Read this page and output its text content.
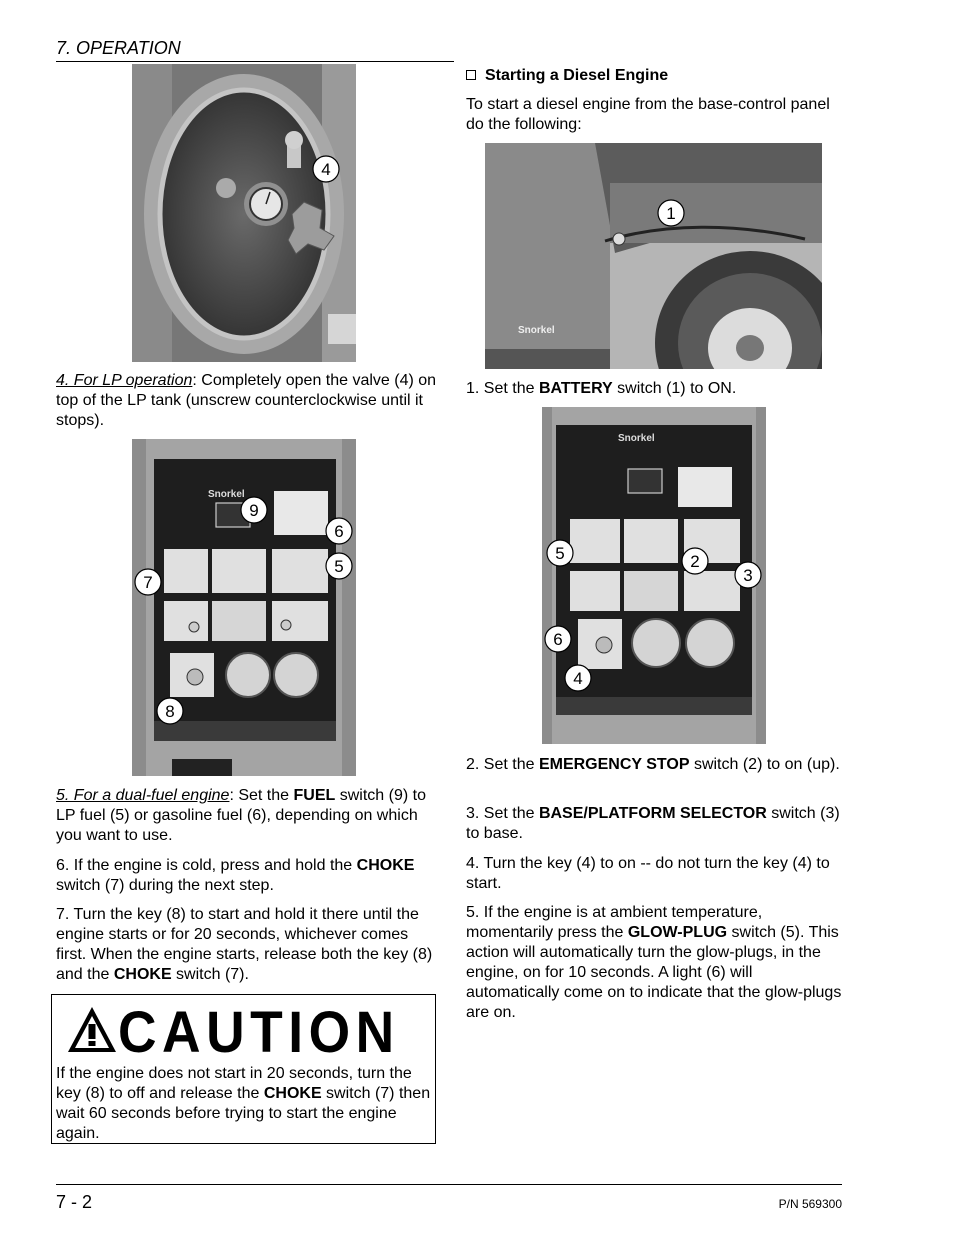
7. OPERATION
4

4. For LP operation: Completely open the valve (4) on top of the LP tank (unscrew counterclockwise until it stops).

Snorkel
9
6
5
7
8

5. For a dual-fuel engine: Set the FUEL switch (9) to LP fuel (5) or gasoline fuel (6), depending on which you want to use.

6. If the engine is cold, press and hold the CHOKE switch (7) during the next step.

7. Turn the key (8) to start and hold it there until the engine starts or for 20 seconds, whichever comes first. When the engine starts, release both the key (8) and the CHOKE switch (7).

CAUTION

If the engine does not start in 20 seconds, turn the key (8) to off and release the CHOKE switch (7) then wait 60 seconds before trying to start the engine again.

Starting a Diesel Engine

To start a diesel engine from the base-control panel do the following:

Snorkel
1

1. Set the BATTERY switch (1) to ON.

Snorkel
5	2
3
6
4

2. Set the EMERGENCY STOP switch (2) to on (up).

3. Set the BASE/PLATFORM SELECTOR switch (3) to base.

4. Turn the key (4) to on -- do not turn the key (4) to start.

5. If the engine is at ambient temperature, momentarily press the GLOW-PLUG switch (5). This action will automatically turn the glow-plugs, in the engine, on for 10 seconds. A light (6) will automatically come on to indicate that the glow-plugs are on.

7 - 2	P/N 569300
